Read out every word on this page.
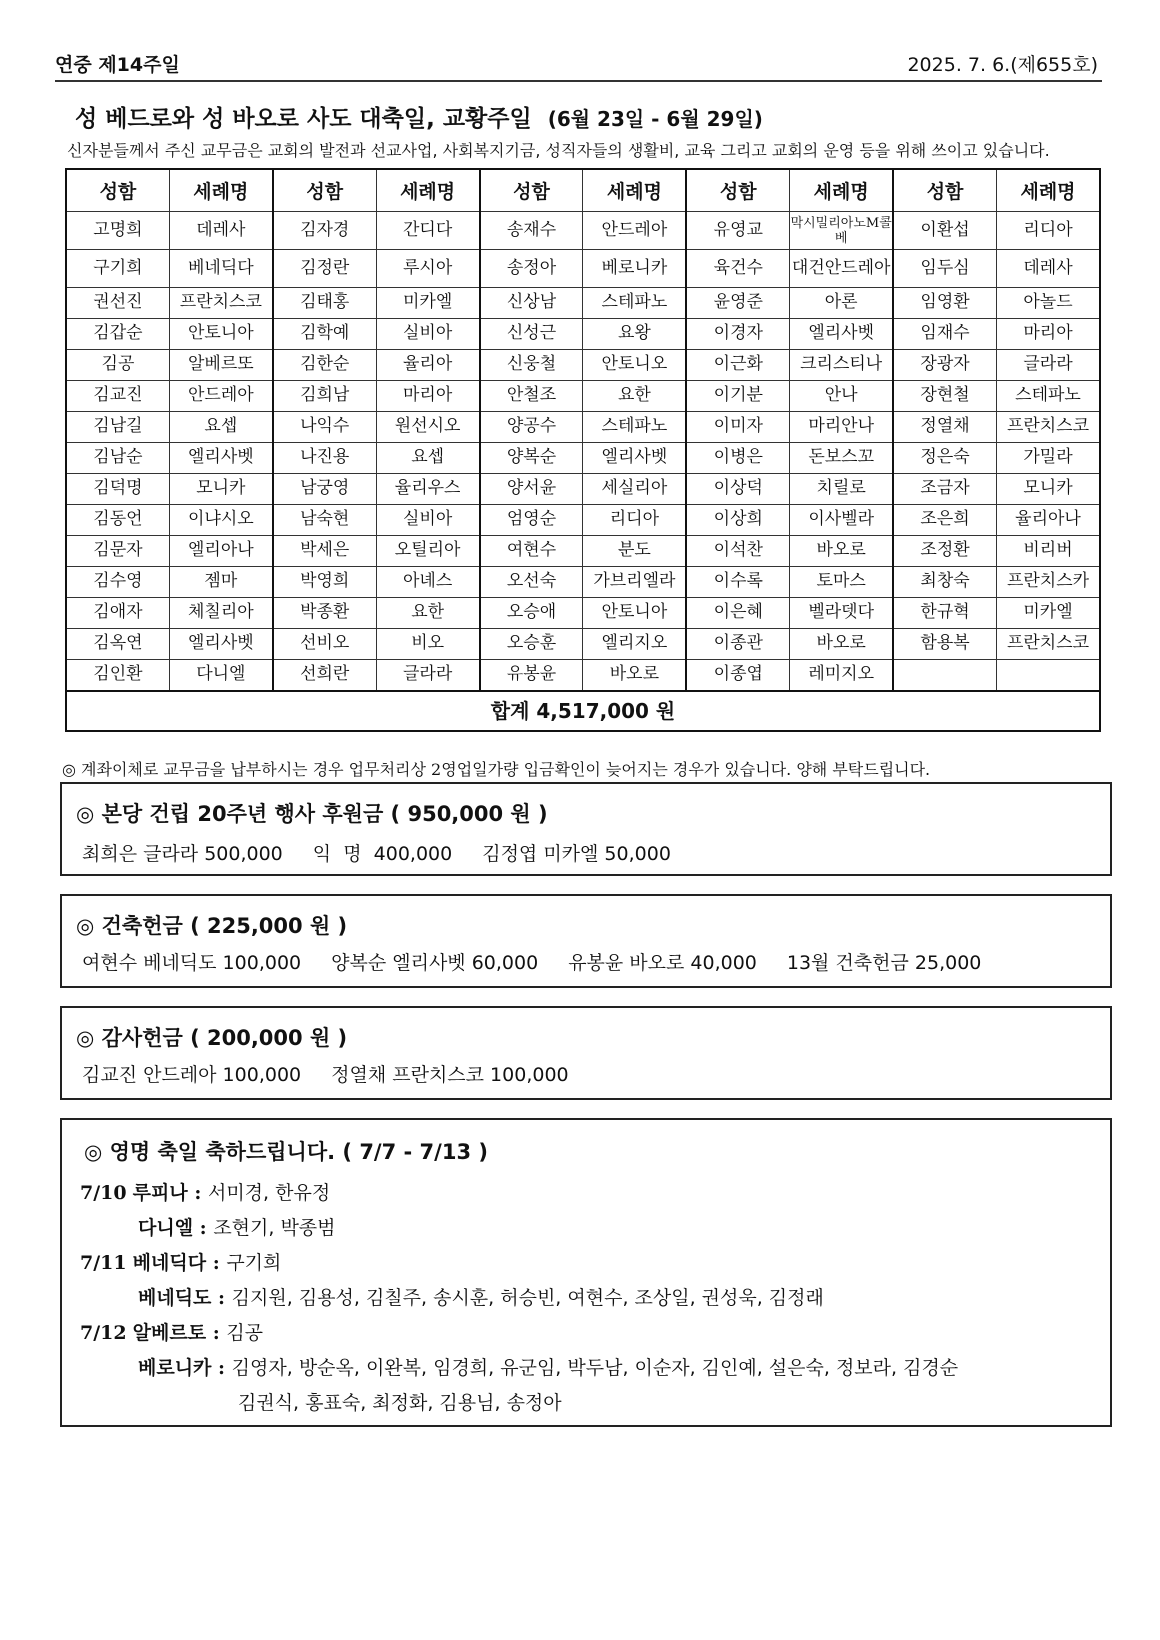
연중 제14주일	2025. 7. 6.(제655호)
성 베드로와 성 바오로 사도 대축일, 교황주일 (6월 23일 - 6월 29일)
신자분들께서 주신 교무금은 교회의 발전과 선교사업, 사회복지기금, 성직자들의 생활비, 교육 그리고 교회의 운영 등을 위해 쓰이고 있습니다.
성함	세례명	성함	세례명	성함	세례명	성함	세례명	성함	세례명
고명희	데레사	김자경	간디다	송재수	안드레아	유영교	막시밀리아노M콜베	이환섭	리디아
구기희	베네딕다	김정란	루시아	송정아	베로니카	육건수	대건안드레아	임두심	데레사
권선진	프란치스코	김태홍	미카엘	신상남	스테파노	윤영준	아론	임영환	아놀드
김갑순	안토니아	김학예	실비아	신성근	요왕	이경자	엘리사벳	임재수	마리아
김공	알베르또	김한순	율리아	신웅철	안토니오	이근화	크리스티나	장광자	글라라
김교진	안드레아	김희남	마리아	안철조	요한	이기분	안나	장현철	스테파노
김남길	요셉	나익수	원선시오	양공수	스테파노	이미자	마리안나	정열채	프란치스코
김남순	엘리사벳	나진용	요셉	양복순	엘리사벳	이병은	돈보스꼬	정은숙	가밀라
김덕명	모니카	남궁영	율리우스	양서윤	세실리아	이상덕	치릴로	조금자	모니카
김동언	이냐시오	남숙현	실비아	엄영순	리디아	이상희	이사벨라	조은희	율리아나
김문자	엘리아나	박세은	오틸리아	여현수	분도	이석찬	바오로	조정환	비리버
김수영	젬마	박영희	아녜스	오선숙	가브리엘라	이수록	토마스	최창숙	프란치스카
김애자	체칠리아	박종환	요한	오승애	안토니아	이은혜	벨라뎃다	한규혁	미카엘
김옥연	엘리사벳	선비오	비오	오승훈	엘리지오	이종관	바오로	함용복	프란치스코
김인환	다니엘	선희란	글라라	유봉윤	바오로	이종엽	레미지오		
합계 4,517,000 원									
◎ 계좌이체로 교무금을 납부하시는 경우 업무처리상 2영업일가량 입금확인이 늦어지는 경우가 있습니다. 양해 부탁드립니다.
◎ 본당 건립 20주년 행사 후원금 ( 950,000 원 )
최희은 글라라 500,000 익  명  400,000 김정엽 미카엘 50,000
◎ 건축헌금 ( 225,000 원 )
여현수 베네딕도 100,000 양복순 엘리사벳 60,000 유봉윤 바오로 40,000 13월 건축헌금 25,000
◎ 감사헌금 ( 200,000 원 )
김교진 안드레아 100,000 정열채 프란치스코 100,000
◎ 영명 축일 축하드립니다. ( 7/7 - 7/13 )
7/10 루피나 : 서미경, 한유정
다니엘 : 조현기, 박종범
7/11 베네딕다 : 구기희
베네딕도 : 김지원, 김용성, 김칠주, 송시훈, 허승빈, 여현수, 조상일, 권성욱, 김정래
7/12 알베르토 : 김공
베로니카 : 김영자, 방순옥, 이완복, 임경희, 유군임, 박두남, 이순자, 김인예, 설은숙, 정보라, 김경순
김권식, 홍표숙, 최정화, 김용님, 송정아
